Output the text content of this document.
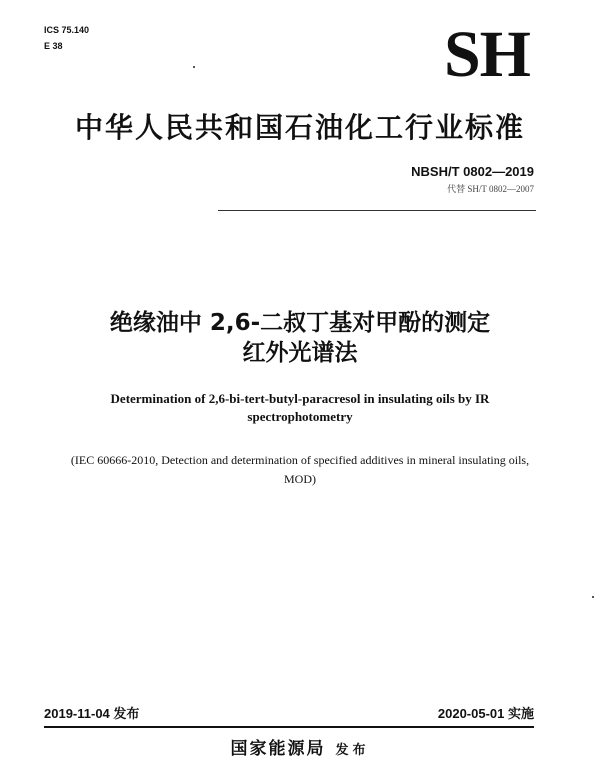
ICS 75.140
E 38	SH
中华人民共和国石油化工行业标准
NBSH/T 0802—2019
代替 SH/T 0802—2007
绝缘油中 2,6-二叔丁基对甲酚的测定
红外光谱法
Determination of 2,6-bi-tert-butyl-paracresol in insulating oils by IR spectrophotometry
(IEC 60666-2010, Detection and determination of specified additives in mineral insulating oils, MOD)
2019-11-04 发布	2020-05-01 实施
国家能源局 发布
